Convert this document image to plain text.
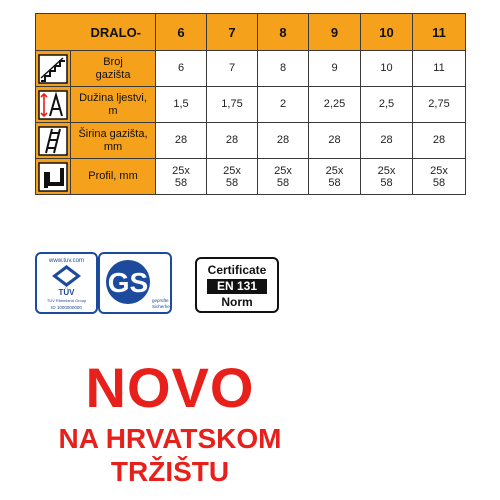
DRALO-		6	7	8	9	10	11

	Broj
gazišta	6	7	8	9	10	11

	Dužina ljestvi,
m	1,5	1,75	2	2,25	2,5	2,75

	Širina gazišta,
mm	28	28	28	28	28	28

	Profil, mm	25x
58	25x
58	25x
58	25x
58	25x
58	25x
58
www.tuv.com
TÜV
TÜV Rheinland Group
ID 1000000000
GS
geprüfte
Sicherheit
Certificate
EN 131
Norm
NOVO
NA HRVATSKOM
TRŽIŠTU
